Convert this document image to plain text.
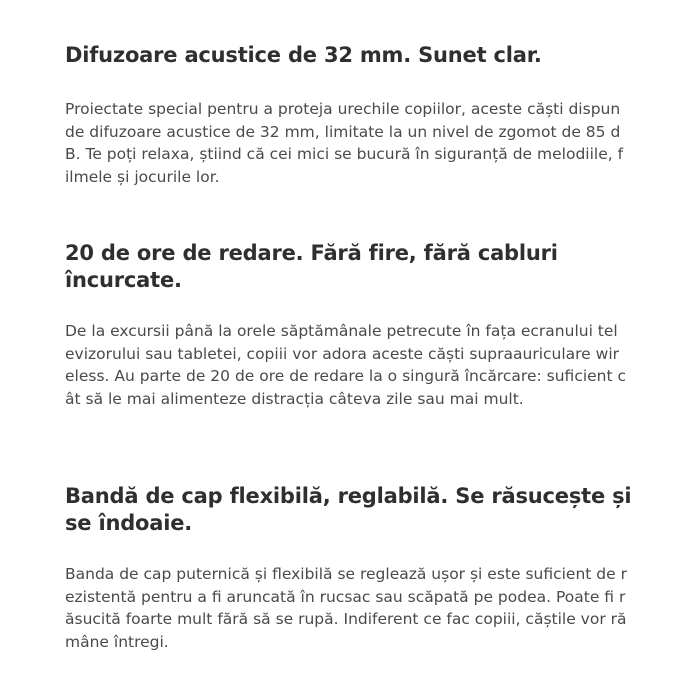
Difuzoare acustice de 32 mm. Sunet clar.

Proiectate special pentru a proteja urechile copiilor, aceste căști dispun de difuzoare acustice de 32 mm, limitate la un nivel de zgomot de 85 dB. Te poți relaxa, știind că cei mici se bucură în siguranță de melodiile, filmele și jocurile lor.

20 de ore de redare. Fără fire, fără cabluri încurcate.

De la excursii până la orele săptămânale petrecute în fața ecranului televizorului sau tabletei, copiii vor adora aceste căști supraauriculare wireless. Au parte de 20 de ore de redare la o singură încărcare: suficient cât să le mai alimenteze distracția câteva zile sau mai mult.

Bandă de cap flexibilă, reglabilă. Se răsucește și se îndoaie.

Banda de cap puternică și flexibilă se reglează ușor și este suficient de rezistentă pentru a fi aruncată în rucsac sau scăpată pe podea. Poate fi răsucită foarte mult fără să se rupă. Indiferent ce fac copiii, căștile vor rămâne întregi.
